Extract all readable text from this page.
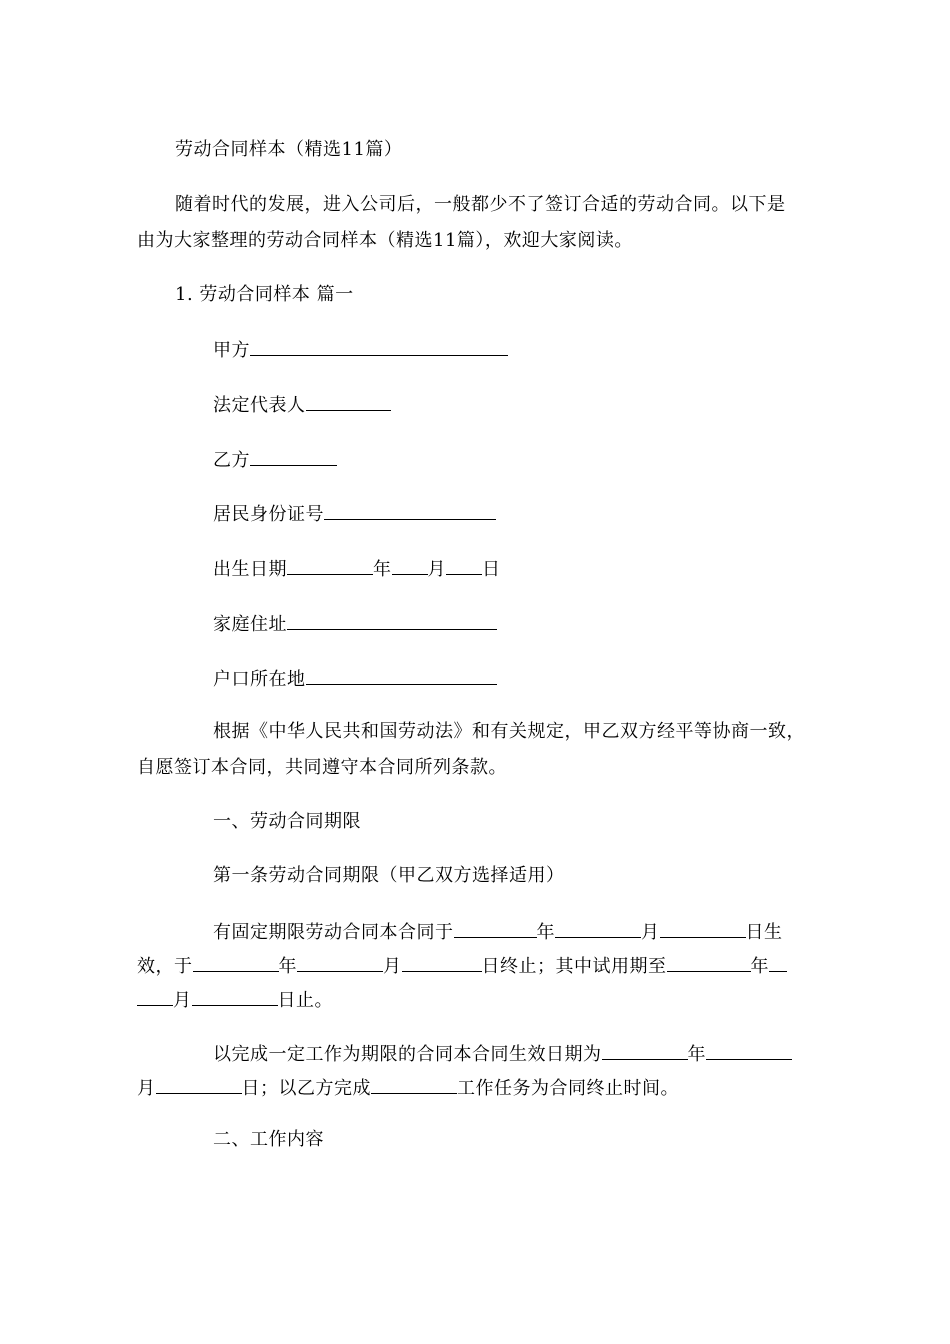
劳动合同样本（精选11篇）
随着时代的发展，进入公司后，一般都少不了签订合适的劳动合同。以下是
由为大家整理的劳动合同样本（精选11篇），欢迎大家阅读。
1. 劳动合同样本 篇一
甲方
法定代表人
乙方
居民身份证号
出生日期	年 月 日
家庭住址
户口所在地
根据《中华人民共和国劳动法》和有关规定，甲乙双方经平等协商一致，
自愿签订本合同，共同遵守本合同所列条款。
一、劳动合同期限
第一条劳动合同期限（甲乙双方选择适用）
有固定期限劳动合同本合同于	年	月	日生
效，于	年	月	日终止；其中试用期至	年
月	日止。
以完成一定工作为期限的合同本合同生效日期为	年
月	日；以乙方完成	工作任务为合同终止时间。
二、工作内容
